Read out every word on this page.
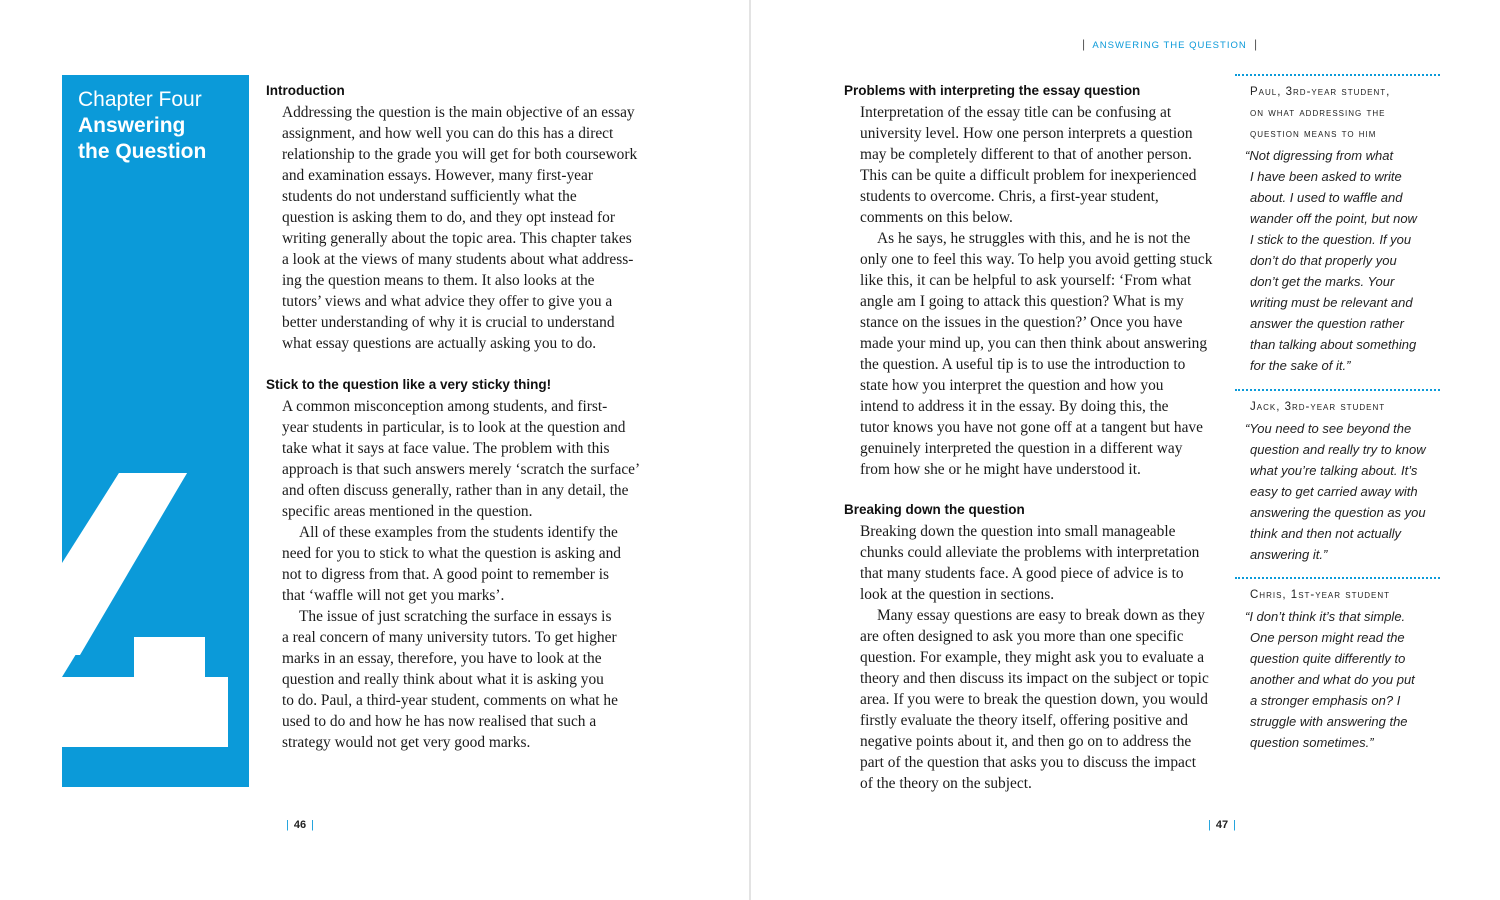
Chapter Four
Answering
the Question
Introduction

Addressing the question is the main objective of an essay
assignment, and how well you can do this has a direct
relationship to the grade you will get for both coursework
and examination essays. However, many first-year
students do not understand sufficiently what the
question is asking them to do, and they opt instead for
writing generally about the topic area. This chapter takes
a look at the views of many students about what address-
ing the question means to them. It also looks at the
tutors’ views and what advice they offer to give you a
better understanding of why it is crucial to understand
what essay questions are actually asking you to do.

Stick to the question like a very sticky thing!

A common misconception among students, and first-
year students in particular, is to look at the question and
take what it says at face value. The problem with this
approach is that such answers merely ‘scratch the surface’
and often discuss generally, rather than in any detail, the
specific areas mentioned in the question.

All of these examples from the students identify the
need for you to stick to what the question is asking and
not to digress from that. A good point to remember is
that ‘waffle will not get you marks’.

The issue of just scratching the surface in essays is
a real concern of many university tutors. To get higher
marks in an essay, therefore, you have to look at the
question and really think about what it is asking you
to do. Paul, a third-year student, comments on what he
used to do and how he has now realised that such a
strategy would not get very good marks.

| 46 |
| ANSWERING THE QUESTION |
Problems with interpreting the essay question

Interpretation of the essay title can be confusing at
university level. How one person interprets a question
may be completely different to that of another person.
This can be quite a difficult problem for inexperienced
students to overcome. Chris, a first-year student,
comments on this below.

As he says, he struggles with this, and he is not the
only one to feel this way. To help you avoid getting stuck
like this, it can be helpful to ask yourself: ‘From what
angle am I going to attack this question? What is my
stance on the issues in the question?’ Once you have
made your mind up, you can then think about answering
the question. A useful tip is to use the introduction to
state how you interpret the question and how you
intend to address it in the essay. By doing this, the
tutor knows you have not gone off at a tangent but have
genuinely interpreted the question in a different way
from how she or he might have understood it.

Breaking down the question

Breaking down the question into small manageable
chunks could alleviate the problems with interpretation
that many students face. A good piece of advice is to
look at the question in sections.

Many essay questions are easy to break down as they
are often designed to ask you more than one specific
question. For example, they might ask you to evaluate a
theory and then discuss its impact on the subject or topic
area. If you were to break the question down, you would
firstly evaluate the theory itself, offering positive and
negative points about it, and then go on to address the
part of the question that asks you to discuss the impact
of the theory on the subject.

Paul, 3rd-year student,
on what addressing the
question means to him
“Not digressing from what
I have been asked to write
about. I used to waffle and
wander off the point, but now
I stick to the question. If you
don’t do that properly you
don’t get the marks. Your
writing must be relevant and
answer the question rather
than talking about something
for the sake of it.”
Jack, 3rd-year student
“You need to see beyond the
question and really try to know
what you’re talking about. It’s
easy to get carried away with
answering the question as you
think and then not actually
answering it.”
Chris, 1st-year student
“I don’t think it’s that simple.
One person might read the
question quite differently to
another and what do you put
a stronger emphasis on? I
struggle with answering the
question sometimes.”
| 47 |
